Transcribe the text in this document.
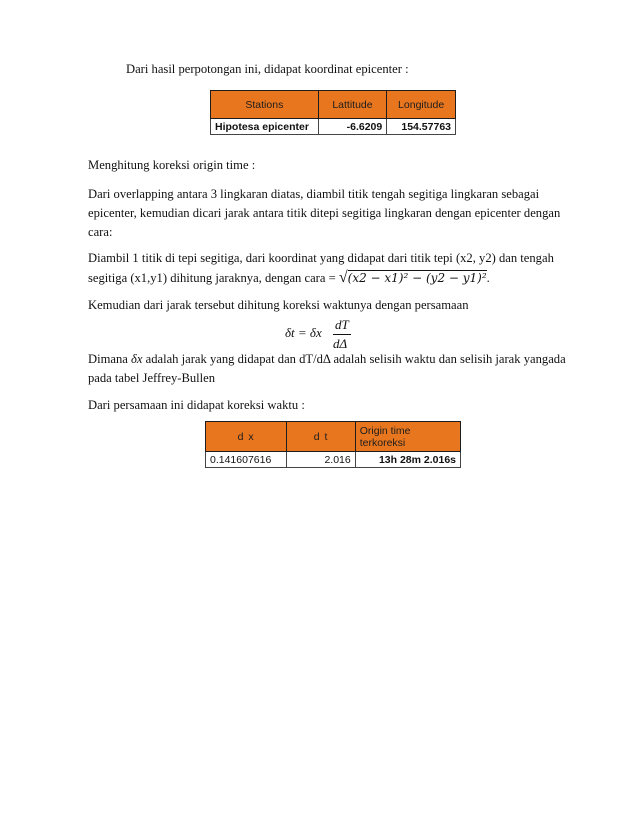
Dari hasil perpotongan ini, didapat koordinat epicenter :
Stations	Lattitude	Longitude
Hipotesa epicenter	-6.6209	154.57763
Menghitung koreksi origin time :
Dari overlapping antara 3 lingkaran diatas, diambil titik tengah segitiga lingkaran sebagai
epicenter, kemudian dicari jarak antara titik ditepi segitiga lingkaran dengan epicenter dengan
cara:
Diambil 1 titik di tepi segitiga, dari koordinat yang didapat dari titik tepi (x2, y2) dan tengah
segitiga (x1,y1) dihitung jaraknya, dengan cara = √(x2 − x1)² − (y2 − y1)².
Kemudian dari jarak tersebut dihitung koreksi waktunya dengan persamaan
δt = δx
dT
dΔ
Dimana δx adalah jarak yang didapat dan dT/dΔ adalah selisih waktu dan selisih jarak yangada
pada tabel Jeffrey-Bullen
Dari persamaan ini didapat koreksi waktu :
d x	d t	Origin time terkoreksi
0.141607616	2.016	13h 28m 2.016s
